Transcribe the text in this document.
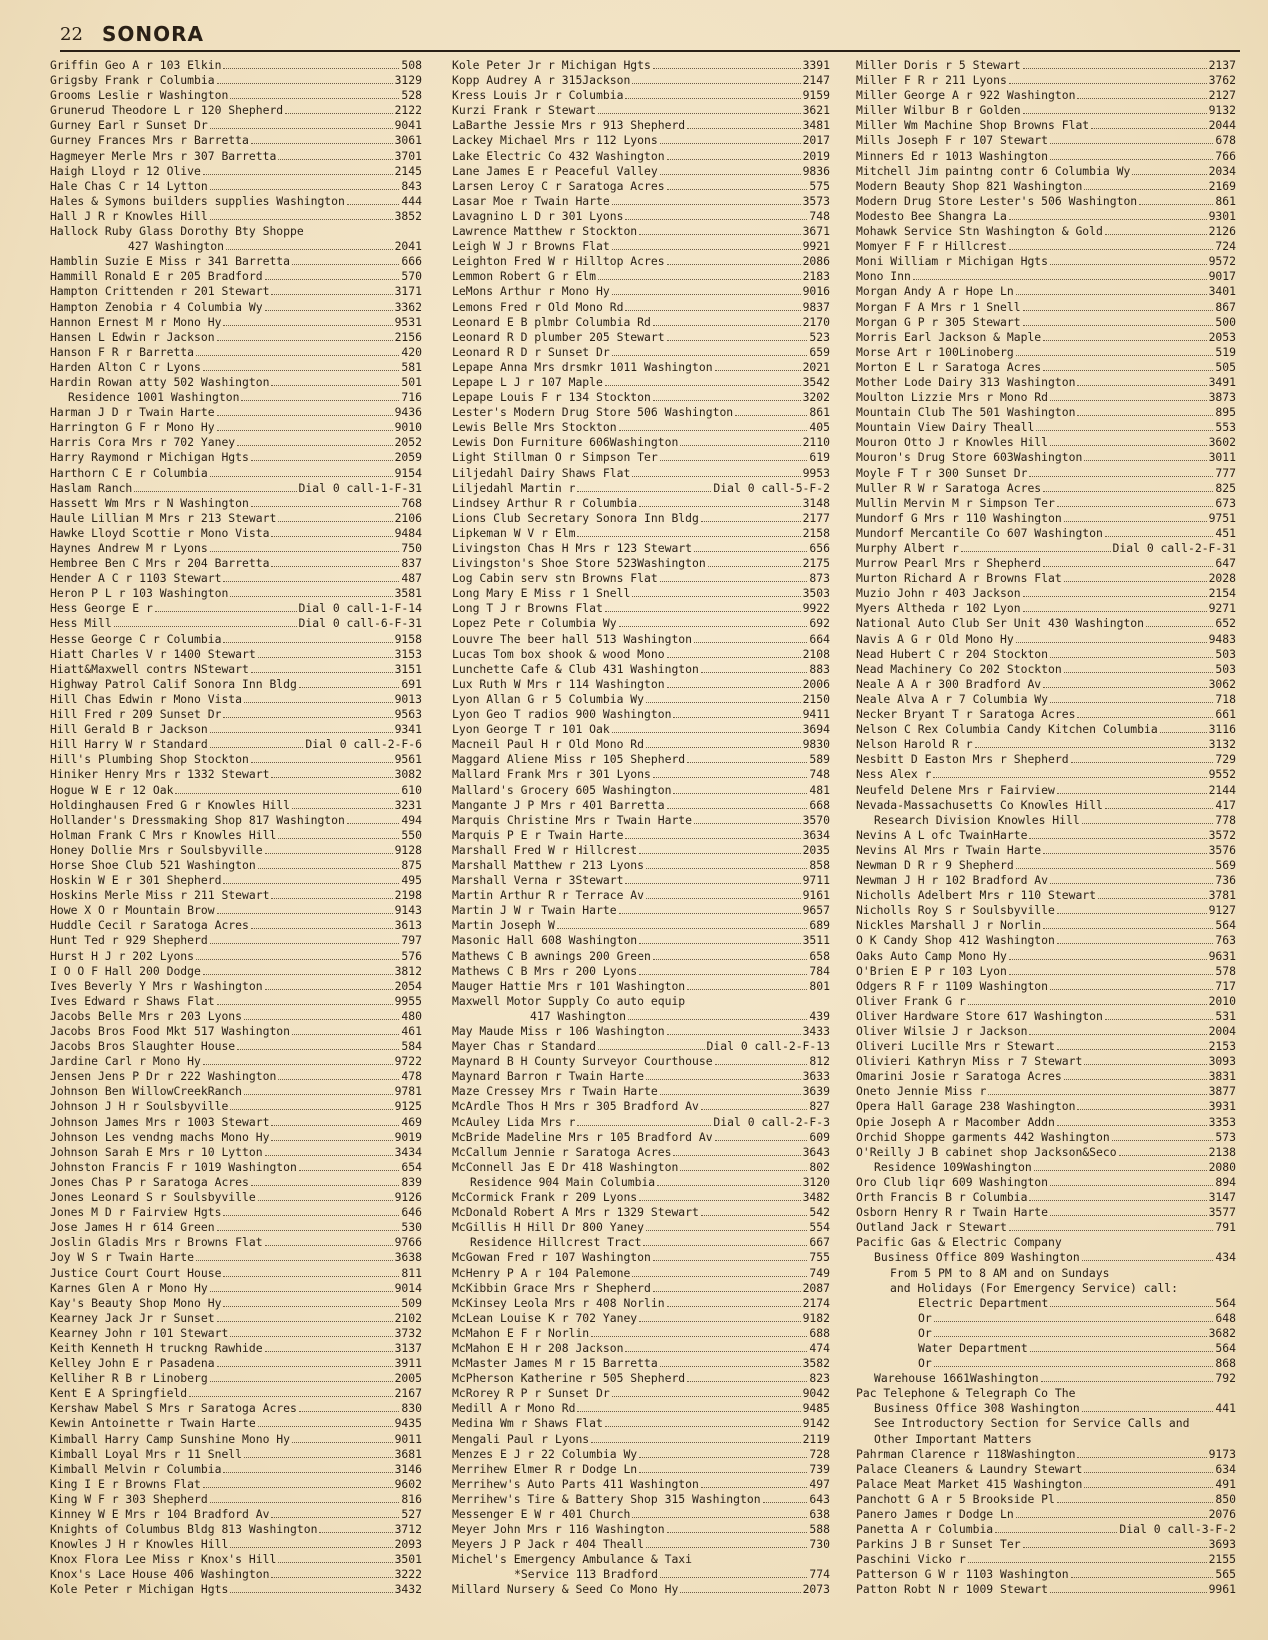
22 SONORA
Griffin Geo A r 103 Elkin	508
Grigsby Frank r Columbia	3129
Grooms Leslie r Washington	528
Grunerud Theodore L r 120 Shepherd	2122
Gurney Earl r Sunset Dr	9041
Gurney Frances Mrs r Barretta	3061
Hagmeyer Merle Mrs r 307 Barretta	3701
Haigh Lloyd r 12 Olive	2145
Hale Chas C r 14 Lytton	843
Hales & Symons builders supplies Washington	444
Hall J R r Knowles Hill	3852
Hallock Ruby Glass Dorothy Bty Shoppe
427 Washington	2041
Hamblin Suzie E Miss r 341 Barretta	666
Hammill Ronald E r 205 Bradford	570
Hampton Crittenden r 201 Stewart	3171
Hampton Zenobia r 4 Columbia Wy	3362
Hannon Ernest M r Mono Hy	9531
Hansen L Edwin r Jackson	2156
Hanson F R r Barretta	420
Harden Alton C r Lyons	581
Hardin Rowan atty 502 Washington	501
Residence 1001 Washington	716
Harman J D r Twain Harte	9436
Harrington G F r Mono Hy	9010
Harris Cora Mrs r 702 Yaney	2052
Harry Raymond r Michigan Hgts	2059
Harthorn C E r Columbia	9154
Haslam Ranch	Dial 0 call-1-F-31
Hassett Wm Mrs r N Washington	768
Haule Lillian M Mrs r 213 Stewart	2106
Hawke Lloyd Scottie r Mono Vista	9484
Haynes Andrew M r Lyons	750
Hembree Ben C Mrs r 204 Barretta	837
Hender A C r 1103 Stewart	487
Heron P L r 103 Washington	3581
Hess George E r	Dial 0 call-1-F-14
Hess Mill	Dial 0 call-6-F-31
Hesse George C r Columbia	9158
Hiatt Charles V r 1400 Stewart	3153
Hiatt&Maxwell contrs NStewart	3151
Highway Patrol Calif Sonora Inn Bldg	691
Hill Chas Edwin r Mono Vista	9013
Hill Fred r 209 Sunset Dr	9563
Hill Gerald B r Jackson	9341
Hill Harry W r Standard	Dial 0 call-2-F-6
Hill's Plumbing Shop Stockton	9561
Hiniker Henry Mrs r 1332 Stewart	3082
Hogue W E r 12 Oak	610
Holdinghausen Fred G r Knowles Hill	3231
Hollander's Dressmaking Shop 817 Washington	494
Holman Frank C Mrs r Knowles Hill	550
Honey Dollie Mrs r Soulsbyville	9128
Horse Shoe Club 521 Washington	875
Hoskin W E r 301 Shepherd	495
Hoskins Merle Miss r 211 Stewart	2198
Howe X O r Mountain Brow	9143
Huddle Cecil r Saratoga Acres	3613
Hunt Ted r 929 Shepherd	797
Hurst H J r 202 Lyons	576
I O O F Hall 200 Dodge	3812
Ives Beverly Y Mrs r Washington	2054
Ives Edward r Shaws Flat	9955
Jacobs Belle Mrs r 203 Lyons	480
Jacobs Bros Food Mkt 517 Washington	461
Jacobs Bros Slaughter House	584
Jardine Carl r Mono Hy	9722
Jensen Jens P Dr r 222 Washington	478
Johnson Ben WillowCreekRanch	9781
Johnson J H r Soulsbyville	9125
Johnson James Mrs r 1003 Stewart	469
Johnson Les vendng machs Mono Hy	9019
Johnson Sarah E Mrs r 10 Lytton	3434
Johnston Francis F r 1019 Washington	654
Jones Chas P r Saratoga Acres	839
Jones Leonard S r Soulsbyville	9126
Jones M D r Fairview Hgts	646
Jose James H r 614 Green	530
Joslin Gladis Mrs r Browns Flat	9766
Joy W S r Twain Harte	3638
Justice Court Court House	811
Karnes Glen A r Mono Hy	9014
Kay's Beauty Shop Mono Hy	509
Kearney Jack Jr r Sunset	2102
Kearney John r 101 Stewart	3732
Keith Kenneth H truckng Rawhide	3137
Kelley John E r Pasadena	3911
Kelliher R B r Linoberg	2005
Kent E A Springfield	2167
Kershaw Mabel S Mrs r Saratoga Acres	830
Kewin Antoinette r Twain Harte	9435
Kimball Harry Camp Sunshine Mono Hy	9011
Kimball Loyal Mrs r 11 Snell	3681
Kimball Melvin r Columbia	3146
King I E r Browns Flat	9602
King W F r 303 Shepherd	816
Kinney W E Mrs r 104 Bradford Av	527
Knights of Columbus Bldg 813 Washington	3712
Knowles J H r Knowles Hill	2093
Knox Flora Lee Miss r Knox's Hill	3501
Knox's Lace House 406 Washington	3222
Kole Peter r Michigan Hgts	3432
Kole Peter Jr r Michigan Hgts	3391
Kopp Audrey A r 315Jackson	2147
Kress Louis Jr r Columbia	9159
Kurzi Frank r Stewart	3621
LaBarthe Jessie Mrs r 913 Shepherd	3481
Lackey Michael Mrs r 112 Lyons	2017
Lake Electric Co 432 Washington	2019
Lane James E r Peaceful Valley	9836
Larsen Leroy C r Saratoga Acres	575
Lasar Moe r Twain Harte	3573
Lavagnino L D r 301 Lyons	748
Lawrence Matthew r Stockton	3671
Leigh W J r Browns Flat	9921
Leighton Fred W r Hilltop Acres	2086
Lemmon Robert G r Elm	2183
LeMons Arthur r Mono Hy	9016
Lemons Fred r Old Mono Rd	9837
Leonard E B plmbr Columbia Rd	2170
Leonard R D plumber 205 Stewart	523
Leonard R D r Sunset Dr	659
Lepape Anna Mrs drsmkr 1011 Washington	2021
Lepape L J r 107 Maple	3542
Lepape Louis F r 134 Stockton	3202
Lester's Modern Drug Store 506 Washington	861
Lewis Belle Mrs Stockton	405
Lewis Don Furniture 606Washington	2110
Light Stillman O r Simpson Ter	619
Liljedahl Dairy Shaws Flat	9953
Liljedahl Martin r	Dial 0 call-5-F-2
Lindsey Arthur R r Columbia	3148
Lions Club Secretary Sonora Inn Bldg	2177
Lipkeman W V r Elm	2158
Livingston Chas H Mrs r 123 Stewart	656
Livingston's Shoe Store 523Washington	2175
Log Cabin serv stn Browns Flat	873
Long Mary E Miss r 1 Snell	3503
Long T J r Browns Flat	9922
Lopez Pete r Columbia Wy	692
Louvre The beer hall 513 Washington	664
Lucas Tom box shook & wood Mono	2108
Lunchette Cafe & Club 431 Washington	883
Lux Ruth W Mrs r 114 Washington	2006
Lyon Allan G r 5 Columbia Wy	2150
Lyon Geo T radios 900 Washington	9411
Lyon George T r 101 Oak	3694
Macneil Paul H r Old Mono Rd	9830
Maggard Aliene Miss r 105 Shepherd	589
Mallard Frank Mrs r 301 Lyons	748
Mallard's Grocery 605 Washington	481
Mangante J P Mrs r 401 Barretta	668
Marquis Christine Mrs r Twain Harte	3570
Marquis P E r Twain Harte	3634
Marshall Fred W r Hillcrest	2035
Marshall Matthew r 213 Lyons	858
Marshall Verna r 3Stewart	9711
Martin Arthur R r Terrace Av	9161
Martin J W r Twain Harte	9657
Martin Joseph W	689
Masonic Hall 608 Washington	3511
Mathews C B awnings 200 Green	658
Mathews C B Mrs r 200 Lyons	784
Mauger Hattie Mrs r 101 Washington	801
Maxwell Motor Supply Co auto equip
417 Washington	439
May Maude Miss r 106 Washington	3433
Mayer Chas r Standard	Dial 0 call-2-F-13
Maynard B H County Surveyor Courthouse	812
Maynard Barron r Twain Harte	3633
Maze Cressey Mrs r Twain Harte	3639
McArdle Thos H Mrs r 305 Bradford Av	827
McAuley Lida Mrs r	Dial 0 call-2-F-3
McBride Madeline Mrs r 105 Bradford Av	609
McCallum Jennie r Saratoga Acres	3643
McConnell Jas E Dr 418 Washington	802
Residence 904 Main Columbia	3120
McCormick Frank r 209 Lyons	3482
McDonald Robert A Mrs r 1329 Stewart	542
McGillis H Hill Dr 800 Yaney	554
Residence Hillcrest Tract	667
McGowan Fred r 107 Washington	755
McHenry P A r 104 Palemone	749
McKibbin Grace Mrs r Shepherd	2087
McKinsey Leola Mrs r 408 Norlin	2174
McLean Louise K r 702 Yaney	9182
McMahon E F r Norlin	688
McMahon E H r 208 Jackson	474
McMaster James M r 15 Barretta	3582
McPherson Katherine r 505 Shepherd	823
McRorey R P r Sunset Dr	9042
Medill A r Mono Rd	9485
Medina Wm r Shaws Flat	9142
Mengali Paul r Lyons	2119
Menzes E J r 22 Columbia Wy	728
Merrihew Elmer R r Dodge Ln	739
Merrihew's Auto Parts 411 Washington	497
Merrihew's Tire & Battery Shop 315 Washington	643
Messenger E W r 401 Church	638
Meyer John Mrs r 116 Washington	588
Meyers J P Jack r 404 Theall	730
Michel's Emergency Ambulance & Taxi
*Service 113 Bradford	774
Millard Nursery & Seed Co Mono Hy	2073
Miller Doris r 5 Stewart	2137
Miller F R r 211 Lyons	3762
Miller George A r 922 Washington	2127
Miller Wilbur B r Golden	9132
Miller Wm Machine Shop Browns Flat	2044
Mills Joseph F r 107 Stewart	678
Minners Ed r 1013 Washington	766
Mitchell Jim paintng contr 6 Columbia Wy	2034
Modern Beauty Shop 821 Washington	2169
Modern Drug Store Lester's 506 Washington	861
Modesto Bee Shangra La	9301
Mohawk Service Stn Washington & Gold	2126
Momyer F F r Hillcrest	724
Moni William r Michigan Hgts	9572
Mono Inn	9017
Morgan Andy A r Hope Ln	3401
Morgan F A Mrs r 1 Snell	867
Morgan G P r 305 Stewart	500
Morris Earl Jackson & Maple	2053
Morse Art r 100Linoberg	519
Morton E L r Saratoga Acres	505
Mother Lode Dairy 313 Washington	3491
Moulton Lizzie Mrs r Mono Rd	3873
Mountain Club The 501 Washington	895
Mountain View Dairy Theall	553
Mouron Otto J r Knowles Hill	3602
Mouron's Drug Store 603Washington	3011
Moyle F T r 300 Sunset Dr	777
Muller R W r Saratoga Acres	825
Mullin Mervin M r Simpson Ter	673
Mundorf G Mrs r 110 Washington	9751
Mundorf Mercantile Co 607 Washington	451
Murphy Albert r	Dial 0 call-2-F-31
Murrow Pearl Mrs r Shepherd	647
Murton Richard A r Browns Flat	2028
Muzio John r 403 Jackson	2154
Myers Altheda r 102 Lyon	9271
National Auto Club Ser Unit 430 Washington	652
Navis A G r Old Mono Hy	9483
Nead Hubert C r 204 Stockton	503
Nead Machinery Co 202 Stockton	503
Neale A A r 300 Bradford Av	3062
Neale Alva A r 7 Columbia Wy	718
Necker Bryant T r Saratoga Acres	661
Nelson C Rex Columbia Candy Kitchen Columbia	3116
Nelson Harold R r	3132
Nesbitt D Easton Mrs r Shepherd	729
Ness Alex r	9552
Neufeld Delene Mrs r Fairview	2144
Nevada-Massachusetts Co Knowles Hill	417
Research Division Knowles Hill	778
Nevins A L ofc TwainHarte	3572
Nevins Al Mrs r Twain Harte	3576
Newman D R r 9 Shepherd	569
Newman J H r 102 Bradford Av	736
Nicholls Adelbert Mrs r 110 Stewart	3781
Nicholls Roy S r Soulsbyville	9127
Nickles Marshall J r Norlin	564
O K Candy Shop 412 Washington	763
Oaks Auto Camp Mono Hy	9631
O'Brien E P r 103 Lyon	578
Odgers R F r 1109 Washington	717
Oliver Frank G r	2010
Oliver Hardware Store 617 Washington	531
Oliver Wilsie J r Jackson	2004
Oliveri Lucille Mrs r Stewart	2153
Olivieri Kathryn Miss r 7 Stewart	3093
Omarini Josie r Saratoga Acres	3831
Oneto Jennie Miss r	3877
Opera Hall Garage 238 Washington	3931
Opie Joseph A r Macomber Addn	3353
Orchid Shoppe garments 442 Washington	573
O'Reilly J B cabinet shop Jackson&Seco	2138
Residence 109Washington	2080
Oro Club liqr 609 Washington	894
Orth Francis B r Columbia	3147
Osborn Henry R r Twain Harte	3577
Outland Jack r Stewart	791
Pacific Gas & Electric Company
Business Office 809 Washington	434
From 5 PM to 8 AM and on Sundays
and Holidays (For Emergency Service) call:
Electric Department	564
Or	648
Or	3682
Water Department	564
Or	868
Warehouse 1661Washington	792
Pac Telephone & Telegraph Co The
Business Office 308 Washington	441
See Introductory Section for Service Calls and
Other Important Matters
Pahrman Clarence r 118Washington	9173
Palace Cleaners & Laundry Stewart	634
Palace Meat Market 415 Washington	491
Panchott G A r 5 Brookside Pl	850
Panero James r Dodge Ln	2076
Panetta A r Columbia	Dial 0 call-3-F-2
Parkins J B r Sunset Ter	3693
Paschini Vicko r	2155
Patterson G W r 1103 Washington	565
Patton Robt N r 1009 Stewart	9961
